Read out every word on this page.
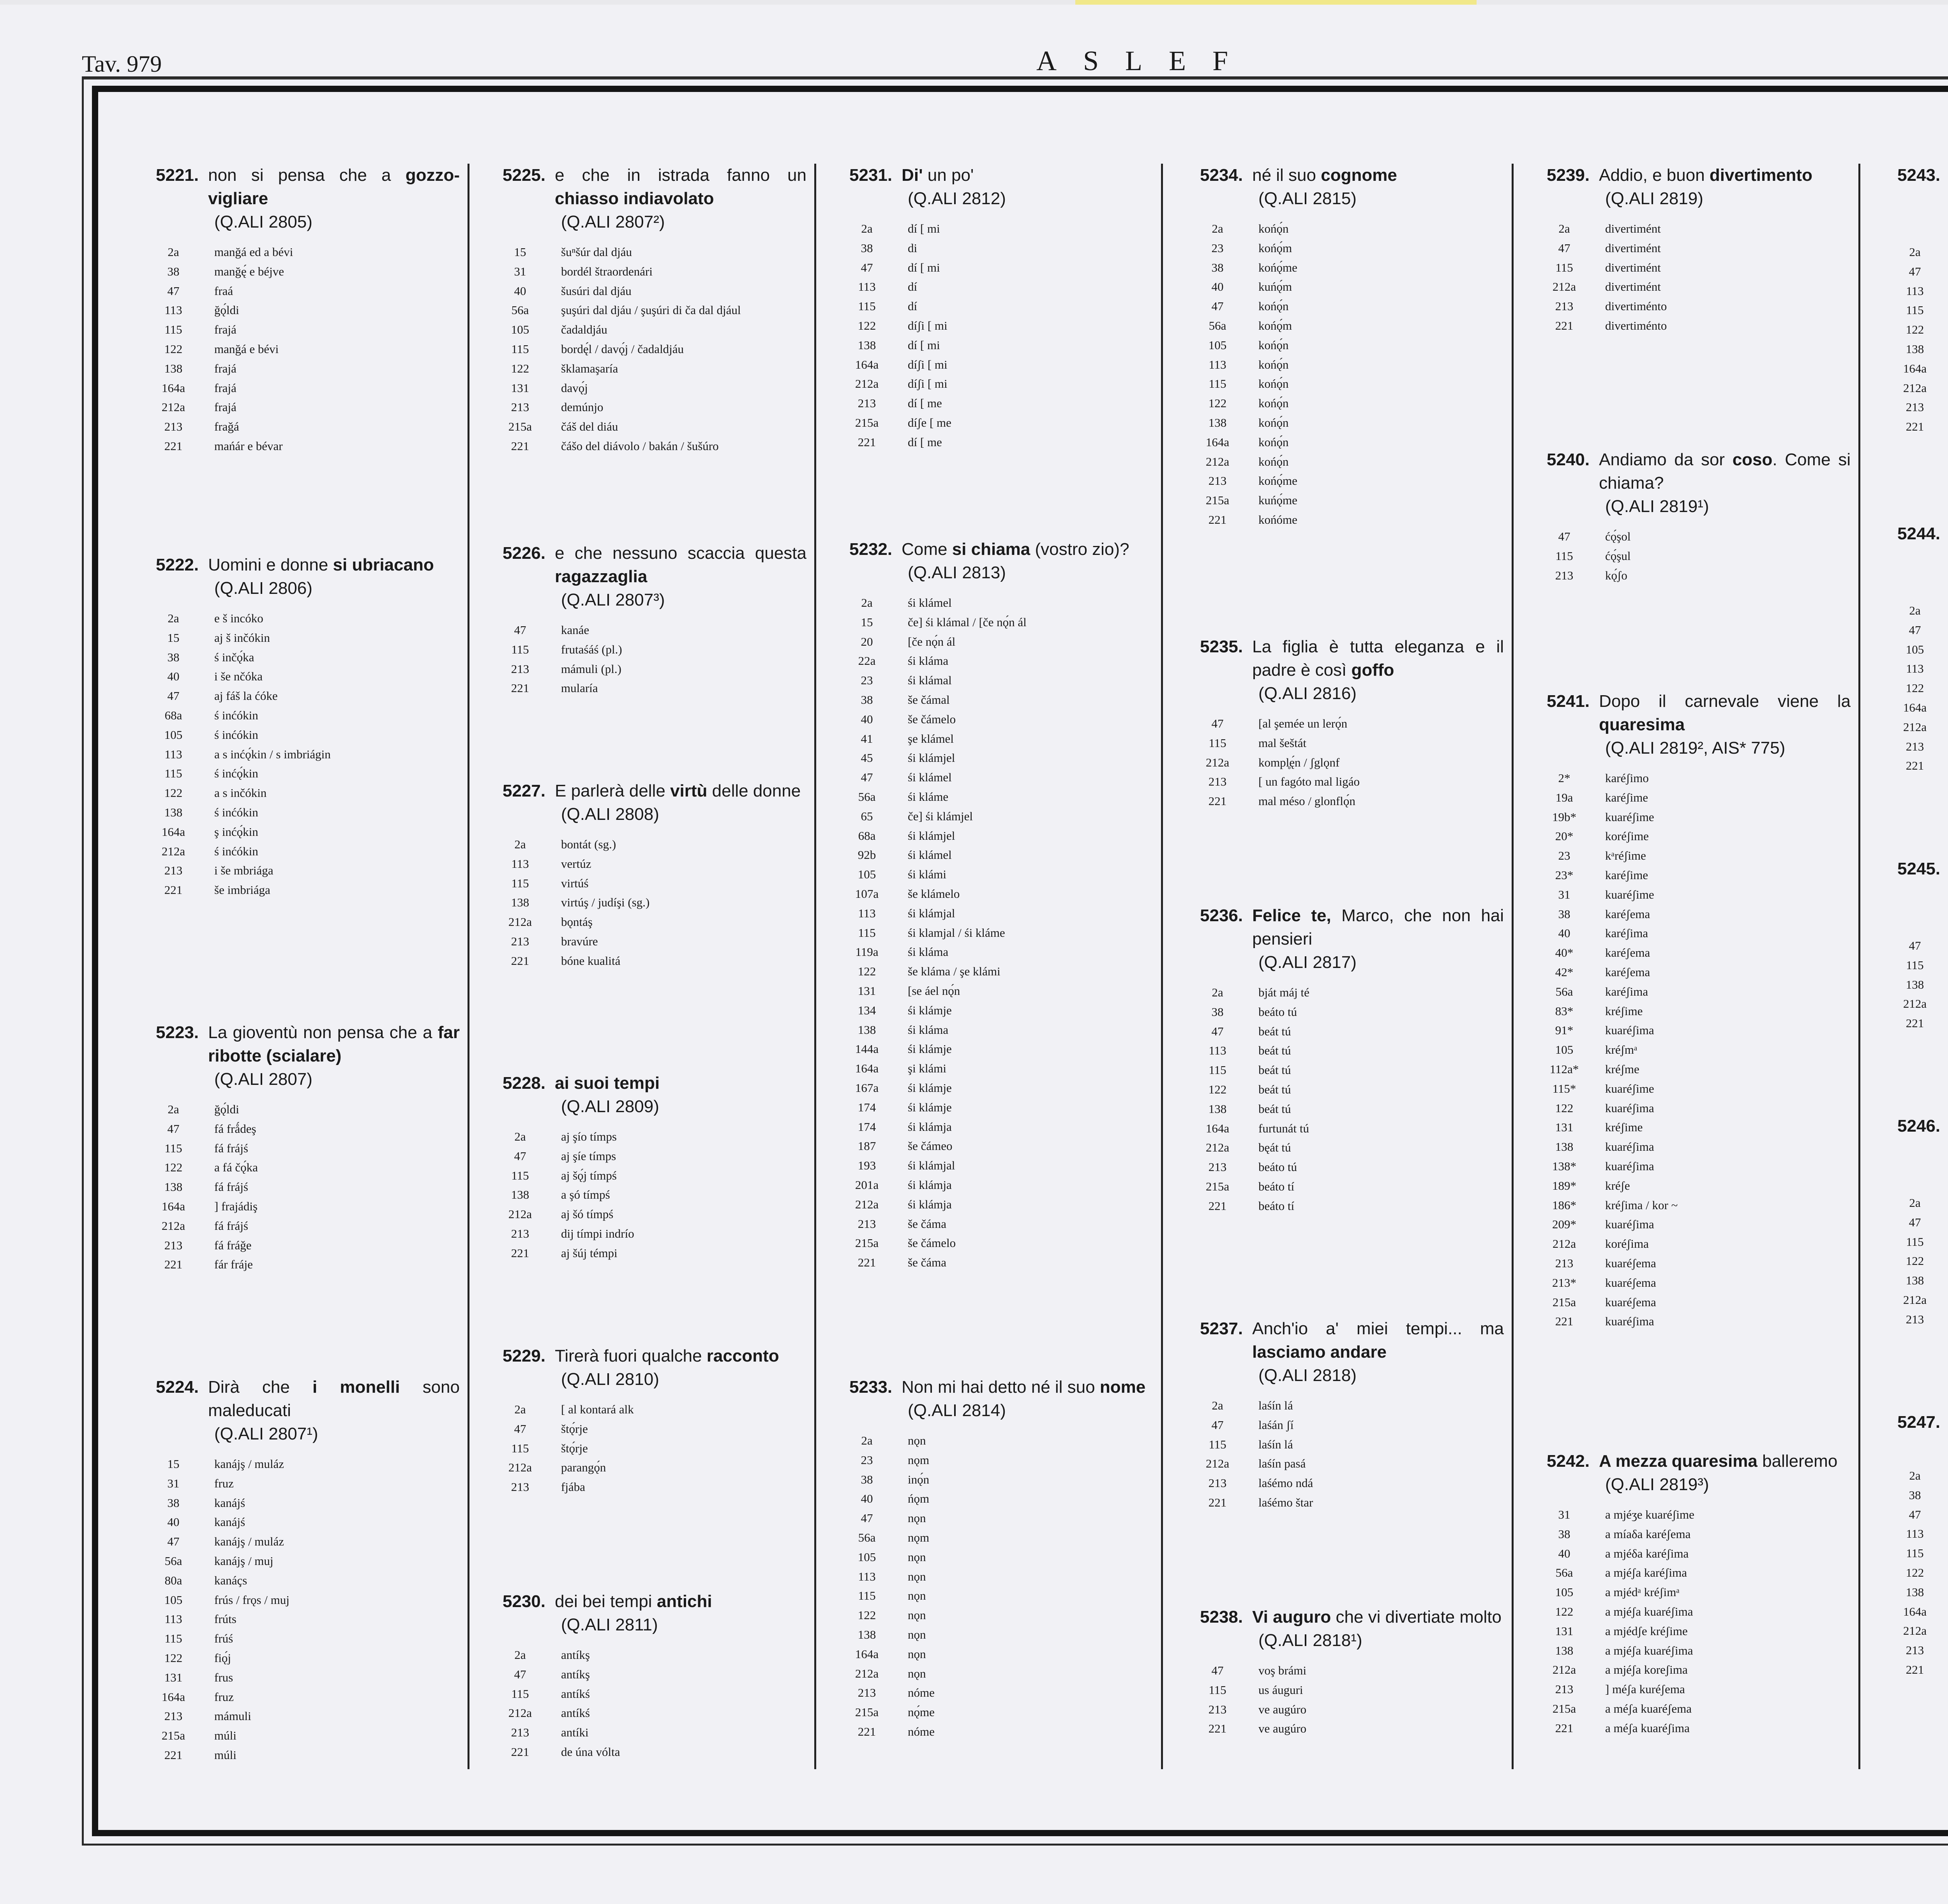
Tav. 979	ASLEF
5221. non si pensa che a gozzo-vigliare
(Q.ALI 2805)
2a	manğá ed a bévi
38	manğę́ e béjve
47	fraá
113	ğǫ́ldi
115	frajá
122	manğá e bévi
138	frajá
164a	frajá
212a	frajá
213	fraǧá
221	mańár e bévar
5222. Uomini e donne si ubriacano
(Q.ALI 2806)
2a	e š incóko
15	aj š inčókin
38	ś inčǫ́ka
40	i še nčóka
47	aj fáš la ćóke
68a	ś inćókin
105	ś inćókin
113	a s inćǫ́kin / s imbriágin
115	ś inćǫ́kin
122	a s inčókin
138	ś inćókin
164a	ş inćǫ́kin
212a	ś inćókin
213	i še mbriága
221	še imbriága
5223. La gioventù non pensa che a far ribotte (scialare)
(Q.ALI 2807)
2a	ğǫ́ldi
47	fá frǻdeş
115	fá frájś
122	a fá čǫ́ka
138	fá frájś
164a	] frajádiş
212a	fá frájś
213	fá fráǧe
221	fár fráje
5224. Dirà che i monelli sono maleducati
(Q.ALI 2807¹)
15	kanájş / muláz
31	fruz
38	kanájś
40	kanájś
47	kanájş / muláz
56a	kanájş / muj
80a	kanáçs
105	frús / frǫs / muj
113	frúts
115	frúś
122	fiǫ́j
131	frus
164a	fruz
213	mámuli
215a	múli
221	múli
5225. e che in istrada fanno un chiasso indiavolato
(Q.ALI 2807²)
15	šuⁿšúr dal djáu
31	bordél štraordenári
40	šusúri dal djáu
56a	şuşúri dal djáu / şuşúri di ča dal djául
105	čadaldjáu
115	bordę́l / davǫ́j / čadaldjáu
122	šklamaşaría
131	davǫ́j
213	demúnjo
215a	čáš del diáu
221	čášo del diávolo / bakán / šušúro
5226. e che nessuno scaccia questa ragazzaglia
(Q.ALI 2807³)
47	kanáe
115	frutaśáś (pl.)
213	mámuli (pl.)
221	mularía
5227. E parlerà delle virtù delle donne
(Q.ALI 2808)
2a	bontát (sg.)
113	vertúz
115	virtúś
138	virtúş / judíşi (sg.)
212a	bǫntáş
213	bravúre
221	bóne kualitá
5228. ai suoi tempi
(Q.ALI 2809)
2a	aj şío tímps
47	aj şíe tímps
115	aj šǫ́j tímpś
138	a şó tímpś
212a	aj šó tímpś
213	dij tímpi indrío
221	aj šúj témpi
5229. Tirerà fuori qualche racconto
(Q.ALI 2810)
2a	[ al kontará alk
47	štǫ́rje
115	štǫ́rje
212a	parangǫ́n
213	fjába
5230. dei bei tempi antichi
(Q.ALI 2811)
2a	antíkş
47	antíkş
115	antíkś
212a	antíkś
213	antíki
221	de úna vólta
5231. Di' un po'
(Q.ALI 2812)
2a	dí [ mi
38	di
47	dí [ mi
113	dí
115	dí
122	díʃi [ mi
138	dí [ mi
164a	díʃi [ mi
212a	díʃi [ mi
213	dí [ me
215a	díʃe [ me
221	dí [ me
5232. Come si chiama (vostro zio)?
(Q.ALI 2813)
2a	śi klámel
15	če] śi klámal / [če nǫ́n ál
20	[če nǫ́n ál
22a	śi kláma
23	śi klámal
38	še čámal
40	še čámelo
41	şe klámel
45	śi klámjel
47	śi klámel
56a	śi kláme
65	če] śi klámjel
68a	śi klámjel
92b	śi klámel
105	śi klámi
107a	še klámelo
113	śi klámjal
115	śi klamjal / śi kláme
119a	śi kláma
122	še kláma / şe klámi
131	[se áel nǫ́n
134	śi klámje
138	śi kláma
144a	śi klámje
164a	şi klámi
167a	śi klámje
174	śi klámje
174	śi klámja
187	še čámeo
193	śi klámjal
201a	śi klámja
212a	śi klámja
213	še čáma
215a	še čámelo
221	še čáma
5233. Non mi hai detto né il suo nome
(Q.ALI 2814)
2a	nǫn
23	nǫm
38	inǫ́n
40	ńǫm
47	nǫn
56a	nǫm
105	nǫn
113	nǫn
115	nǫn
122	nǫn
138	nǫn
164a	nǫn
212a	nǫn
213	nóme
215a	nǫ́me
221	nóme
5234. né il suo cognome
(Q.ALI 2815)
2a	końǫ́n
23	końǫ́m
38	końǫ́me
40	kuńǫ́m
47	końǫ́n
56a	końǫ́m
105	końǫ́n
113	końǫ́n
115	końǫ́n
122	końǫ́n
138	końǫ́n
164a	końǫ́n
212a	końǫ́n
213	końǫ́me
215a	kuńǫ́me
221	końóme
5235. La figlia è tutta eleganza e il padre è così goffo
(Q.ALI 2816)
47	[al şemée un lerǫ́n
115	mal šeštát
212a	kompl̥ę́n / ʃglǫnf
213	[ un fagóto mal ligáo
221	mal méso / glonflǫ́n
5236. Felice te, Marco, che non hai pensieri
(Q.ALI 2817)
2a	bját máj té
38	beáto tú
47	beát tú
113	beát tú
115	beát tú
122	beát tú
138	beát tú
164a	furtunát tú
212a	bęát tú
213	beáto tú
215a	beáto tí
221	beáto tí
5237. Anch'io a' miei tempi... ma lasciamo andare
(Q.ALI 2818)
2a	laśín lá
47	laśán ʃí
115	laśín lá
212a	laśín pasá
213	laśémo ndá
221	laśémo štar
5238. Vi auguro che vi divertiate molto
(Q.ALI 2818¹)
47	voş brámi
115	us áuguri
213	ve augúro
221	ve augúro
5239. Addio, e buon divertimento
(Q.ALI 2819)
2a	divertimént
47	divertimént
115	divertimént
212a	divertimént
213	divertiménto
221	divertiménto
5240. Andiamo da sor coso. Come si chiama?
(Q.ALI 2819¹)
47	ćǫ́şol
115	ćǫ́şul
213	kǫ́ʃo
5241. Dopo il carnevale viene la quaresima
(Q.ALI 2819², AIS* 775)
2*	karéʃimo
19a	karéʃime
19b*	kuaréʃime
20*	koréʃime
23	kᵃréʃime
23*	karéʃime
31	kuaréʃime
38	karéʃema
40	karéʃima
40*	karéʃema
42*	karéʃema
56a	karéʃima
83*	kréʃime
91*	kuaréʃima
105	kréʃmᵃ
112a*	kréʃme
115*	kuaréʃime
122	kuaréʃima
131	kréʃime
138	kuaréʃima
138*	kuaréʃima
189*	kréʃe
186*	kréʃima / kor ~
209*	kuaréʃima
212a	koréʃima
213	kuaréʃema
213*	kuaréʃema
215a	kuaréʃema
221	kuaréʃima
5242. A mezza quaresima balleremo
(Q.ALI 2819³)
31	a mjéʒe kuaréʃime
38	a míaδa karéʃema
40	a mjéδa karéʃima
56a	a mjéʃa karéʃima
105	a mjédᵃ kréʃimᵃ
122	a mjéʃa kuaréʃima
131	a mjédʃe kréʃime
138	a mjéʃa kuaréʃima
212a	a mjéʃa koreʃima
213	] méʃa kuréʃema
215a	a méʃa kuaréʃema
221	a méʃa kuaréʃima
5243.
2a
47
113
115
122
138
164a
212a
213
221
5244.
2a
47
105
113
122
164a
212a
213
221
5245.
47
115
138
212a
221
5246.
2a
47
115
122
138
212a
213
5247.
2a
38
47
113
115
122
138
164a
212a
213
221
